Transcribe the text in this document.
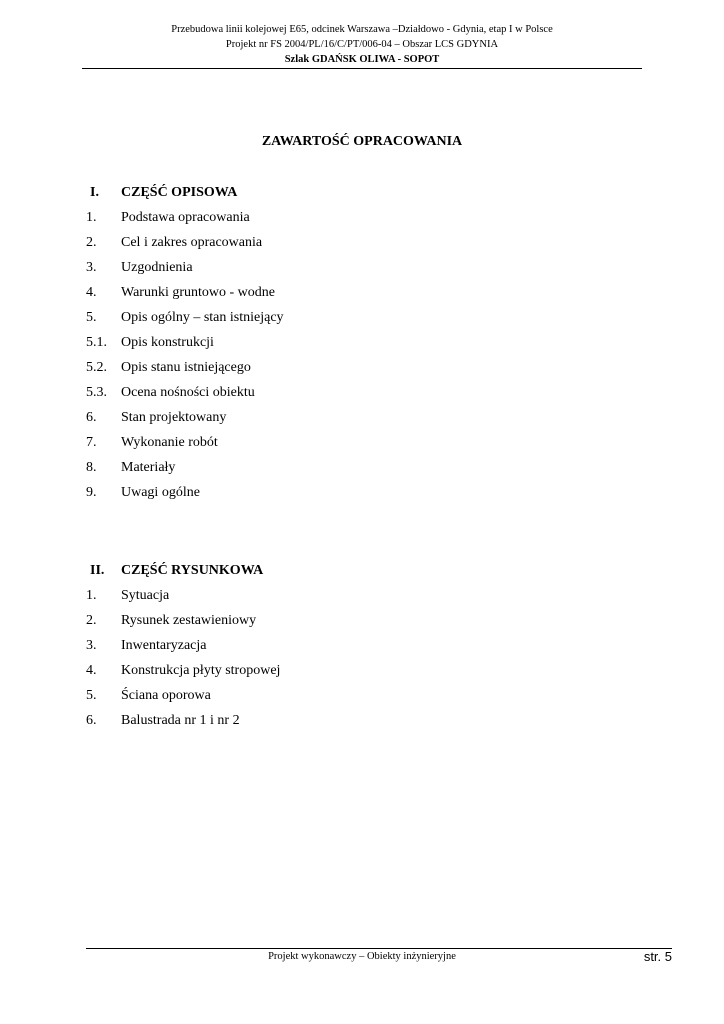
Przebudowa linii kolejowej E65, odcinek Warszawa –Działdowo - Gdynia, etap I w Polsce
Projekt nr FS 2004/PL/16/C/PT/006-04 – Obszar LCS GDYNIA
Szlak GDAŃSK OLIWA - SOPOT
ZAWARTOŚĆ OPRACOWANIA
I. CZĘŚĆ OPISOWA
1. Podstawa opracowania
2. Cel i zakres opracowania
3. Uzgodnienia
4. Warunki gruntowo - wodne
5. Opis ogólny – stan istniejący
5.1. Opis konstrukcji
5.2. Opis stanu istniejącego
5.3. Ocena nośności obiektu
6. Stan projektowany
7. Wykonanie robót
8. Materiały
9. Uwagi ogólne
II. CZĘŚĆ RYSUNKOWA
1. Sytuacja
2. Rysunek zestawieniowy
3. Inwentaryzacja
4. Konstrukcja płyty stropowej
5. Ściana oporowa
6. Balustrada nr 1 i nr 2
Projekt wykonawczy – Obiekty inżynieryjne	str. 5
